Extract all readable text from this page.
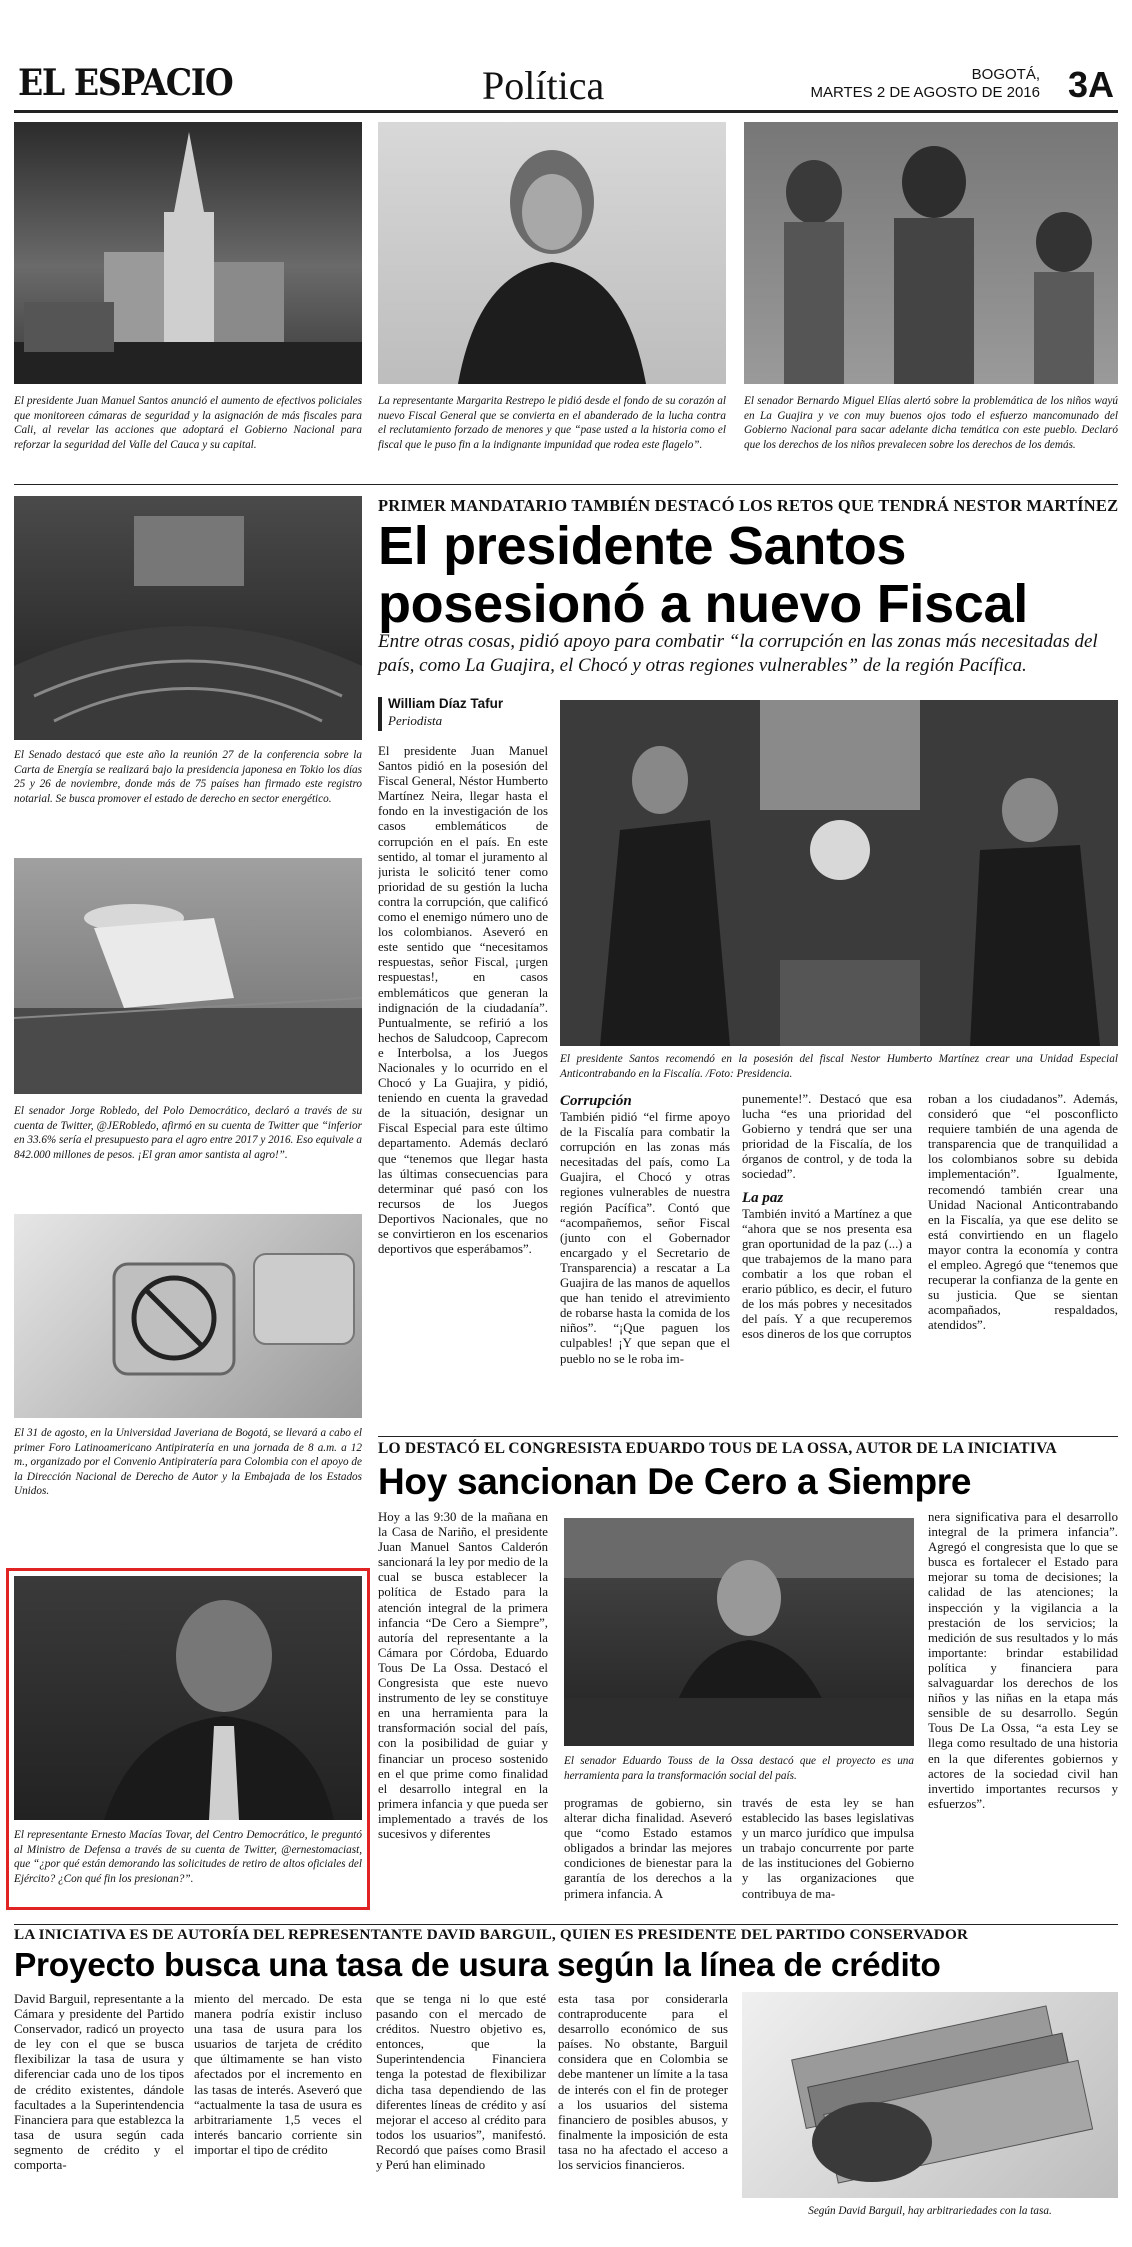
EL ESPACIO	Política	BOGOTÁ,
MARTES 2 DE AGOSTO DE 2016 3A
El presidente Juan Manuel Santos anunció el aumento de efectivos policiales que monitoreen cámaras de seguridad y la asignación de más fiscales para Cali, al revelar las acciones que adoptará el Gobierno Nacional para reforzar la seguridad del Valle del Cauca y su capital.
La representante Margarita Restrepo le pidió desde el fondo de su corazón al nuevo Fiscal General que se convierta en el abanderado de la lucha contra el reclutamiento forzado de menores y que “pase usted a la historia como el fiscal que le puso fin a la indignante impunidad que rodea este flagelo”.
El senador Bernardo Miguel Elías alertó sobre la problemática de los niños wayú en La Guajira y ve con muy buenos ojos todo el esfuerzo mancomunado del Gobierno Nacional para sacar adelante dicha temática con este pueblo. Declaró que los derechos de los niños prevalecen sobre los derechos de los demás.
El Senado destacó que este año la reunión 27 de la conferencia sobre la Carta de Energía se realizará bajo la presidencia japonesa en Tokio los días 25 y 26 de noviembre, donde más de 75 países han firmado este registro notarial. Se busca promover el estado de derecho en sector energético.
El senador Jorge Robledo, del Polo Democrático, declaró a través de su cuenta de Twitter, @JERobledo, afirmó en su cuenta de Twitter que “inferior en 33.6% sería el presupuesto para el agro entre 2017 y 2016. Eso equivale a 842.000 millones de pesos. ¡El gran amor santista al agro!”.
El 31 de agosto, en la Universidad Javeriana de Bogotá, se llevará a cabo el primer Foro Latinoamericano Antipiratería en una jornada de 8 a.m. a 12 m., organizado por el Convenio Antipiratería para Colombia con el apoyo de la Dirección Nacional de Derecho de Autor y la Embajada de los Estados Unidos.
El representante Ernesto Macías Tovar, del Centro Democrático, le preguntó al Ministro de Defensa a través de su cuenta de Twitter, @ernestomaciast, que “¿por qué están demorando las solicitudes de retiro de altos oficiales del Ejército? ¿Con qué fin los presionan?”.
PRIMER MANDATARIO TAMBIÉN DESTACÓ LOS RETOS QUE TENDRÁ NESTOR MARTÍNEZ
El presidente Santos
posesionó a nuevo Fiscal
Entre otras cosas, pidió apoyo para combatir “la corrupción en las zonas más necesitadas del país, como La Guajira, el Chocó y otras regiones vulnerables” de la región Pacífica.
William Díaz Tafur
Periodista
El presidente Juan Manuel Santos pidió en la posesión del Fiscal General, Néstor Humberto Martínez Neira, llegar hasta el fondo en la investigación de los casos emblemáticos de corrupción en el país. En este sentido, al tomar el juramento al jurista le solicitó tener como prioridad de su gestión la lucha contra la corrupción, que calificó como el enemigo número uno de los colombianos. Aseveró en este sentido que “necesitamos respuestas, señor Fiscal, ¡urgen respuestas!, en casos emblemáticos que generan la indignación de la ciudadanía”. Puntualmente, se refirió a los hechos de Saludcoop, Caprecom e Interbolsa, a los Juegos Nacionales y lo ocurrido en el Chocó y La Guajira, y pidió, teniendo en cuenta la gravedad de la situación, designar un Fiscal Especial para este último departamento. Además declaró que “tenemos que llegar hasta las últimas consecuencias para determinar qué pasó con los recursos de los Juegos Deportivos Nacionales, que no se convirtieron en los escenarios deportivos que esperábamos”.
El presidente Santos recomendó en la posesión del fiscal Nestor Humberto Martínez crear una Unidad Especial Anticontrabando en la Fiscalía. /Foto: Presidencia.
Corrupción

También pidió “el firme apoyo de la Fiscalía para combatir la corrupción en las zonas más necesitadas del país, como La Guajira, el Chocó y otras regiones vulnerables de nuestra región Pacífica”. Contó que “acompañemos, señor Fiscal (junto con el Gobernador encargado y el Secretario de Transparencia) a rescatar a La Guajira de las manos de aquellos que han tenido el atrevimiento de robarse hasta la comida de los niños”. “¡Que paguen los culpables! ¡Y que sepan que el pueblo no se le roba im-

punemente!”. Destacó que esa lucha “es una prioridad del Gobierno y tendrá que ser una prioridad de la Fiscalía, de los órganos de control, y de toda la sociedad”.

La paz

También invitó a Martínez a que “ahora que se nos presenta esa gran oportunidad de la paz (...) a que trabajemos de la mano para combatir a los que roban el erario público, es decir, el futuro de los más pobres y necesitados del país. Y a que recuperemos esos dineros de los que corruptos

roban a los ciudadanos”. Además, consideró que “el posconflicto requiere también de una agenda de transparencia que de tranquilidad a los colombianos sobre su debida implementación”. Igualmente, recomendó también crear una Unidad Nacional Anticontrabando en la Fiscalía, ya que ese delito se está convirtiendo en un flagelo mayor contra la economía y contra el empleo. Agregó que “tenemos que recuperar la confianza de la gente en su justicia. Que se sientan acompañados, respaldados, atendidos”.
LO DESTACÓ EL CONGRESISTA EDUARDO TOUS DE LA OSSA, AUTOR DE LA INICIATIVA
Hoy sancionan De Cero a Siempre
Hoy a las 9:30 de la mañana en la Casa de Nariño, el presidente Juan Manuel Santos Calderón sancionará la ley por medio de la cual se busca establecer la política de Estado para la atención integral de la primera infancia “De Cero a Siempre”, autoría del representante a la Cámara por Córdoba, Eduardo Tous De La Ossa. Destacó el Congresista que este nuevo instrumento de ley se constituye en una herramienta para la transformación social del país, con la posibilidad de guiar y financiar un proceso sostenido en el que prime como finalidad el desarrollo integral en la primera infancia y que pueda ser implementado a través de los sucesivos y diferentes
El senador Eduardo Touss de la Ossa destacó que el proyecto es una herramienta para la transformación social del país.
programas de gobierno, sin alterar dicha finalidad. Aseveró que “como Estado estamos obligados a brindar las mejores condiciones de bienestar para la garantía de los derechos a la primera infancia. A
través de esta ley se han establecido las bases legislativas y un marco jurídico que impulsa un trabajo concurrente por parte de las instituciones del Gobierno y las organizaciones que contribuya de ma-
nera significativa para el desarrollo integral de la primera infancia”. Agregó el congresista que lo que se busca es fortalecer el Estado para mejorar su toma de decisiones; la calidad de las atenciones; la inspección y la vigilancia a la prestación de los servicios; la medición de sus resultados y lo más importante: brindar estabilidad política y financiera para salvaguardar los derechos de los niños y las niñas en la etapa más sensible de su desarrollo. Según Tous De La Ossa, “a esta Ley se llega como resultado de una historia en la que diferentes gobiernos y actores de la sociedad civil han invertido importantes recursos y esfuerzos”.
LA INICIATIVA ES DE AUTORÍA DEL REPRESENTANTE DAVID BARGUIL, QUIEN ES PRESIDENTE DEL PARTIDO CONSERVADOR
Proyecto busca una tasa de usura según la línea de crédito
David Barguil, representante a la Cámara y presidente del Partido Conservador, radicó un proyecto de ley con el que se busca flexibilizar la tasa de usura y diferenciar cada uno de los tipos de crédito existentes, dándole facultades a la Superintendencia Financiera para que establezca la tasa de usura según cada segmento de crédito y el comporta-
miento del mercado. De esta manera podría existir incluso una tasa de usura para los usuarios de tarjeta de crédito que últimamente se han visto afectados por el incremento en las tasas de interés. Aseveró que “actualmente la tasa de usura es arbitrariamente 1,5 veces el interés bancario corriente sin importar el tipo de crédito
que se tenga ni lo que esté pasando con el mercado de créditos. Nuestro objetivo es, entonces, que la Superintendencia Financiera tenga la potestad de flexibilizar dicha tasa dependiendo de las diferentes líneas de crédito y así mejorar el acceso al crédito para todos los usuarios”, manifestó. Recordó que países como Brasil y Perú han eliminado
esta tasa por considerarla contraproducente para el desarrollo económico de sus países. No obstante, Barguil considera que en Colombia se debe mantener un límite a la tasa de interés con el fin de proteger a los usuarios del sistema financiero de posibles abusos, y finalmente la imposición de esta tasa no ha afectado el acceso a los servicios financieros.
Según David Barguil, hay arbitrariedades con la tasa.
